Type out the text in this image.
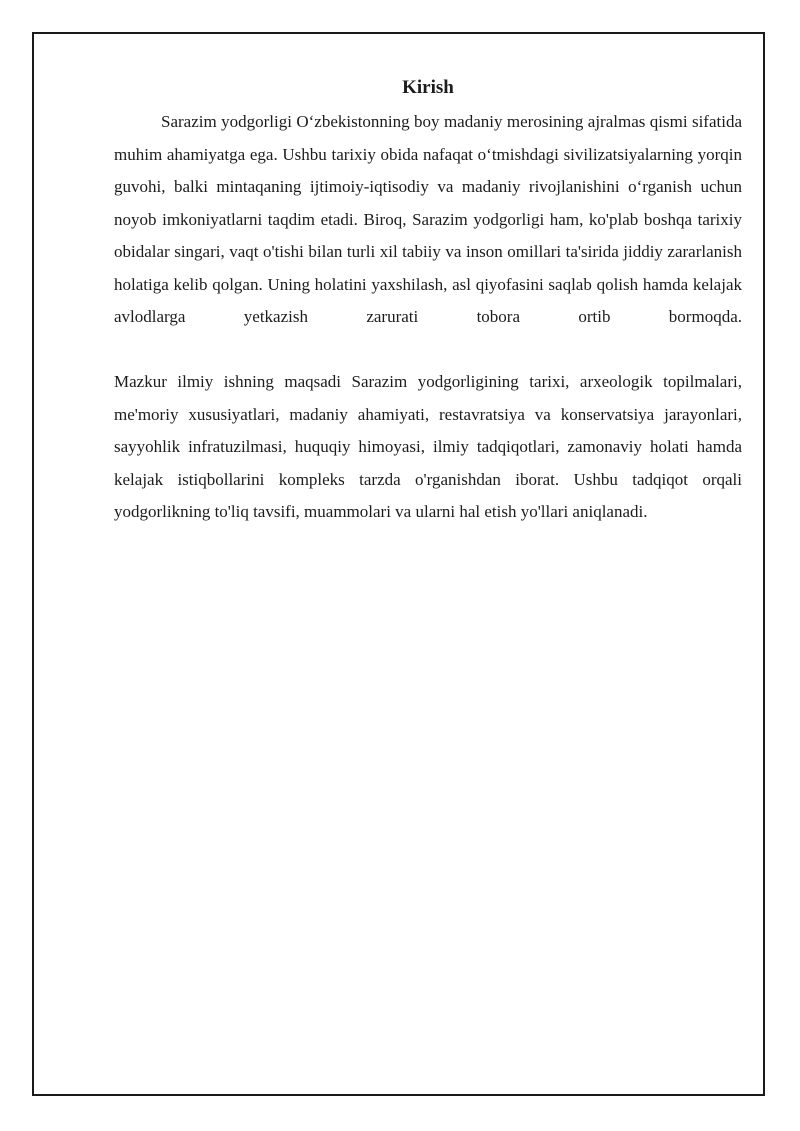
Kirish

Sarazim yodgorligi O‘zbekistonning boy madaniy merosining ajralmas qismi sifatida muhim ahamiyatga ega. Ushbu tarixiy obida nafaqat o‘tmishdagi sivilizatsiyalarning yorqin guvohi, balki mintaqaning ijtimoiy-iqtisodiy va madaniy rivojlanishini o‘rganish uchun noyob imkoniyatlarni taqdim etadi. Biroq, Sarazim yodgorligi ham, ko'plab boshqa tarixiy obidalar singari, vaqt o'tishi bilan turli xil tabiiy va inson omillari ta'sirida jiddiy zararlanish holatiga kelib qolgan. Uning holatini yaxshilash, asl qiyofasini saqlab qolish hamda kelajak avlodlarga yetkazish zarurati tobora ortib bormoqda.

Mazkur ilmiy ishning maqsadi Sarazim yodgorligining tarixi, arxeologik topilmalari, me'moriy xususiyatlari, madaniy ahamiyati, restavratsiya va konservatsiya jarayonlari, sayyohlik infratuzilmasi, huquqiy himoyasi, ilmiy tadqiqotlari, zamonaviy holati hamda kelajak istiqbollarini kompleks tarzda o'rganishdan iborat. Ushbu tadqiqot orqali yodgorlikning to'liq tavsifi, muammolari va ularni hal etish yo'llari aniqlanadi.
